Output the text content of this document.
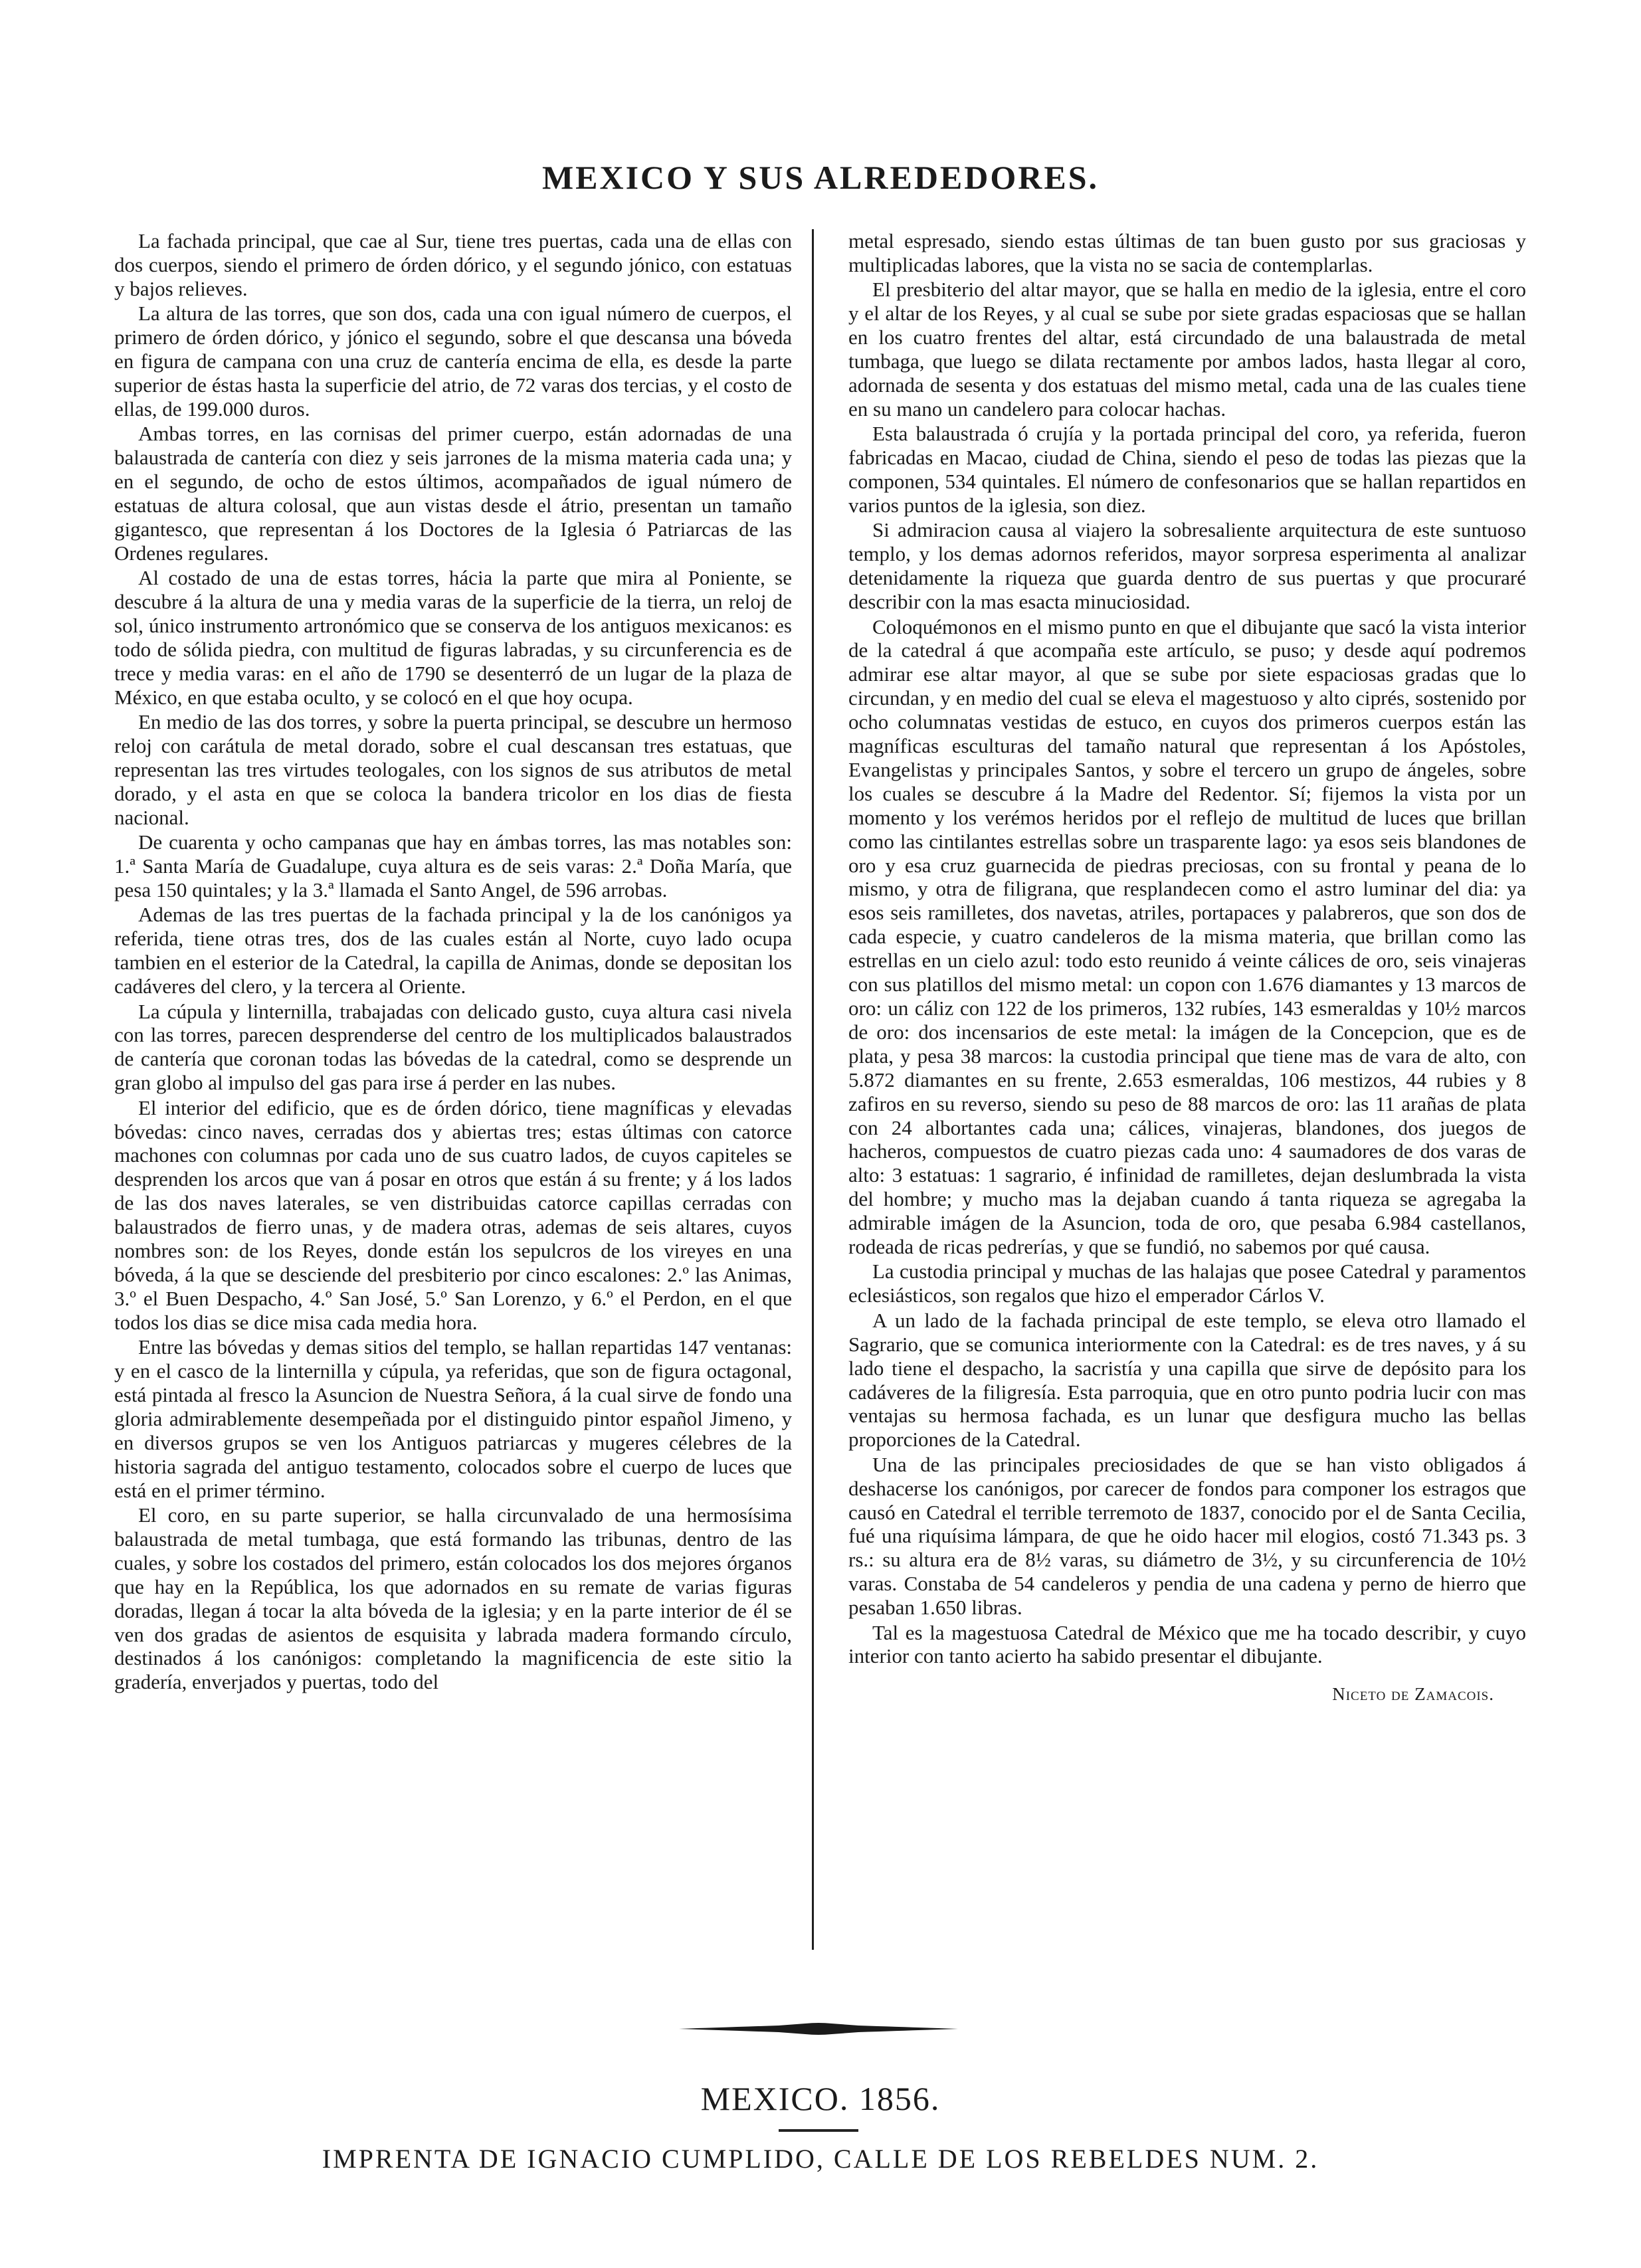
MEXICO Y SUS ALREDEDORES.

La fachada principal, que cae al Sur, tiene tres puertas, cada una de ellas con dos cuerpos, siendo el primero de órden dórico, y el segundo jónico, con estatuas y bajos relieves.

La altura de las torres, que son dos, cada una con igual número de cuerpos, el primero de órden dórico, y jónico el segundo, sobre el que descansa una bóveda en figura de campana con una cruz de cantería encima de ella, es desde la parte superior de éstas hasta la superficie del atrio, de 72 varas dos tercias, y el costo de ellas, de 199.000 duros.

Ambas torres, en las cornisas del primer cuerpo, están adornadas de una balaustrada de cantería con diez y seis jarrones de la misma materia cada una; y en el segundo, de ocho de estos últimos, acompañados de igual número de estatuas de altura colosal, que aun vistas desde el átrio, presentan un tamaño gigantesco, que representan á los Doctores de la Iglesia ó Patriarcas de las Ordenes regulares.

Al costado de una de estas torres, hácia la parte que mira al Poniente, se descubre á la altura de una y media varas de la superficie de la tierra, un reloj de sol, único instrumento artronómico que se conserva de los antiguos mexicanos: es todo de sólida piedra, con multitud de figuras labradas, y su circunferencia es de trece y media varas: en el año de 1790 se desenterró de un lugar de la plaza de México, en que estaba oculto, y se colocó en el que hoy ocupa.

En medio de las dos torres, y sobre la puerta principal, se descubre un hermoso reloj con carátula de metal dorado, sobre el cual descansan tres estatuas, que representan las tres virtudes teologales, con los signos de sus atributos de metal dorado, y el asta en que se coloca la bandera tricolor en los dias de fiesta nacional.

De cuarenta y ocho campanas que hay en ámbas torres, las mas notables son: 1.ª Santa María de Guadalupe, cuya altura es de seis varas: 2.ª Doña María, que pesa 150 quintales; y la 3.ª llamada el Santo Angel, de 596 arrobas.

Ademas de las tres puertas de la fachada principal y la de los canónigos ya referida, tiene otras tres, dos de las cuales están al Norte, cuyo lado ocupa tambien en el esterior de la Catedral, la capilla de Animas, donde se depositan los cadáveres del clero, y la tercera al Oriente.

La cúpula y linternilla, trabajadas con delicado gusto, cuya altura casi nivela con las torres, parecen desprenderse del centro de los multiplicados balaustrados de cantería que coronan todas las bóvedas de la catedral, como se desprende un gran globo al impulso del gas para irse á perder en las nubes.

El interior del edificio, que es de órden dórico, tiene magníficas y elevadas bóvedas: cinco naves, cerradas dos y abiertas tres; estas últimas con catorce machones con columnas por cada uno de sus cuatro lados, de cuyos capiteles se desprenden los arcos que van á posar en otros que están á su frente; y á los lados de las dos naves laterales, se ven distribuidas catorce capillas cerradas con balaustrados de fierro unas, y de madera otras, ademas de seis altares, cuyos nombres son: de los Reyes, donde están los sepulcros de los vireyes en una bóveda, á la que se desciende del presbiterio por cinco escalones: 2.º las Animas, 3.º el Buen Despacho, 4.º San José, 5.º San Lorenzo, y 6.º el Perdon, en el que todos los dias se dice misa cada media hora.

Entre las bóvedas y demas sitios del templo, se hallan repartidas 147 ventanas: y en el casco de la linternilla y cúpula, ya referidas, que son de figura octagonal, está pintada al fresco la Asuncion de Nuestra Señora, á la cual sirve de fondo una gloria admirablemente desempeñada por el distinguido pintor español Jimeno, y en diversos grupos se ven los Antiguos patriarcas y mugeres célebres de la historia sagrada del antiguo testamento, colocados sobre el cuerpo de luces que está en el primer término.

El coro, en su parte superior, se halla circunvalado de una hermosísima balaustrada de metal tumbaga, que está formando las tribunas, dentro de las cuales, y sobre los costados del primero, están colocados los dos mejores órganos que hay en la República, los que adornados en su remate de varias figuras doradas, llegan á tocar la alta bóveda de la iglesia; y en la parte interior de él se ven dos gradas de asientos de esquisita y labrada madera formando círculo, destinados á los canónigos: completando la magnificencia de este sitio la gradería, enverjados y puertas, todo del

metal espresado, siendo estas últimas de tan buen gusto por sus graciosas y multiplicadas labores, que la vista no se sacia de contemplarlas.

El presbiterio del altar mayor, que se halla en medio de la iglesia, entre el coro y el altar de los Reyes, y al cual se sube por siete gradas espaciosas que se hallan en los cuatro frentes del altar, está circundado de una balaustrada de metal tumbaga, que luego se dilata rectamente por ambos lados, hasta llegar al coro, adornada de sesenta y dos estatuas del mismo metal, cada una de las cuales tiene en su mano un candelero para colocar hachas.

Esta balaustrada ó crujía y la portada principal del coro, ya referida, fueron fabricadas en Macao, ciudad de China, siendo el peso de todas las piezas que la componen, 534 quintales. El número de confesonarios que se hallan repartidos en varios puntos de la iglesia, son diez.

Si admiracion causa al viajero la sobresaliente arquitectura de este suntuoso templo, y los demas adornos referidos, mayor sorpresa esperimenta al analizar detenidamente la riqueza que guarda dentro de sus puertas y que procuraré describir con la mas esacta minuciosidad.

Coloquémonos en el mismo punto en que el dibujante que sacó la vista interior de la catedral á que acompaña este artículo, se puso; y desde aquí podremos admirar ese altar mayor, al que se sube por siete espaciosas gradas que lo circundan, y en medio del cual se eleva el magestuoso y alto ciprés, sostenido por ocho columnatas vestidas de estuco, en cuyos dos primeros cuerpos están las magníficas esculturas del tamaño natural que representan á los Apóstoles, Evangelistas y principales Santos, y sobre el tercero un grupo de ángeles, sobre los cuales se descubre á la Madre del Redentor. Sí; fijemos la vista por un momento y los verémos heridos por el reflejo de multitud de luces que brillan como las cintilantes estrellas sobre un trasparente lago: ya esos seis blandones de oro y esa cruz guarnecida de piedras preciosas, con su frontal y peana de lo mismo, y otra de filigrana, que resplandecen como el astro luminar del dia: ya esos seis ramilletes, dos navetas, atriles, portapaces y palabreros, que son dos de cada especie, y cuatro candeleros de la misma materia, que brillan como las estrellas en un cielo azul: todo esto reunido á veinte cálices de oro, seis vinajeras con sus platillos del mismo metal: un copon con 1.676 diamantes y 13 marcos de oro: un cáliz con 122 de los primeros, 132 rubíes, 143 esmeraldas y 10½ marcos de oro: dos incensarios de este metal: la imágen de la Concepcion, que es de plata, y pesa 38 marcos: la custodia principal que tiene mas de vara de alto, con 5.872 diamantes en su frente, 2.653 esmeraldas, 106 mestizos, 44 rubies y 8 zafiros en su reverso, siendo su peso de 88 marcos de oro: las 11 arañas de plata con 24 albortantes cada una; cálices, vinajeras, blandones, dos juegos de hacheros, compuestos de cuatro piezas cada uno: 4 saumadores de dos varas de alto: 3 estatuas: 1 sagrario, é infinidad de ramilletes, dejan deslumbrada la vista del hombre; y mucho mas la dejaban cuando á tanta riqueza se agregaba la admirable imágen de la Asuncion, toda de oro, que pesaba 6.984 castellanos, rodeada de ricas pedrerías, y que se fundió, no sabemos por qué causa.

La custodia principal y muchas de las halajas que posee Catedral y paramentos eclesiásticos, son regalos que hizo el emperador Cárlos V.

A un lado de la fachada principal de este templo, se eleva otro llamado el Sagrario, que se comunica interiormente con la Catedral: es de tres naves, y á su lado tiene el despacho, la sacristía y una capilla que sirve de depósito para los cadáveres de la filigresía. Esta parroquia, que en otro punto podria lucir con mas ventajas su hermosa fachada, es un lunar que desfigura mucho las bellas proporciones de la Catedral.

Una de las principales preciosidades de que se han visto obligados á deshacerse los canónigos, por carecer de fondos para componer los estragos que causó en Catedral el terrible terremoto de 1837, conocido por el de Santa Cecilia, fué una riquísima lámpara, de que he oido hacer mil elogios, costó 71.343 ps. 3 rs.: su altura era de 8½ varas, su diámetro de 3½, y su circunferencia de 10½ varas. Constaba de 54 candeleros y pendia de una cadena y perno de hierro que pesaban 1.650 libras.

Tal es la magestuosa Catedral de México que me ha tocado describir, y cuyo interior con tanto acierto ha sabido presentar el dibujante.

Niceto de Zamacois.
MEXICO. 1856.
IMPRENTA DE IGNACIO CUMPLIDO, CALLE DE LOS REBELDES NUM. 2.
